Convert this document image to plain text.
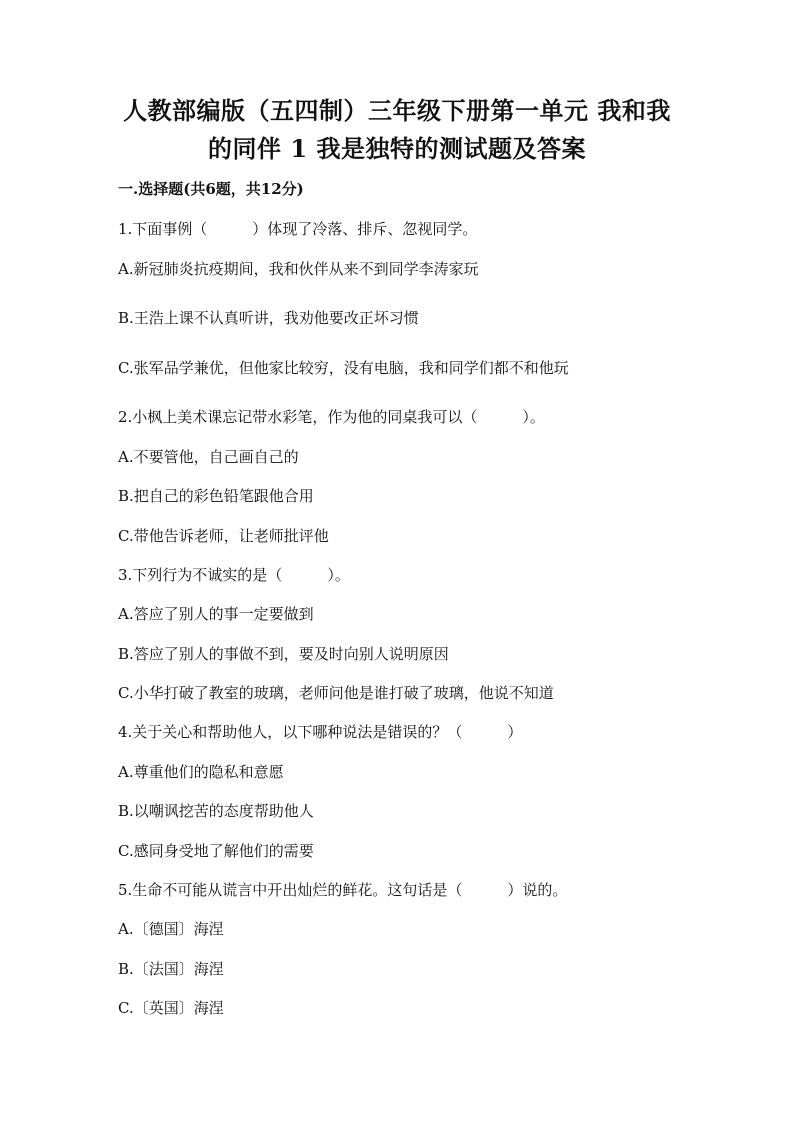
人教部编版（五四制）三年级下册第一单元 我和我
的同伴 1 我是独特的测试题及答案
一.选择题(共6题，共12分)
1.下面事例（　　　）体现了冷落、排斥、忽视同学。
A.新冠肺炎抗疫期间，我和伙伴从来不到同学李涛家玩
B.王浩上课不认真听讲，我劝他要改正坏习惯
C.张军品学兼优，但他家比较穷，没有电脑，我和同学们都不和他玩
2.小枫上美术课忘记带水彩笔，作为他的同桌我可以（　　　）。
A.不要管他，自己画自己的
B.把自己的彩色铅笔跟他合用
C.带他告诉老师，让老师批评他
3.下列行为不诚实的是（　　　）。
A.答应了别人的事一定要做到
B.答应了别人的事做不到，要及时向别人说明原因
C.小华打破了教室的玻璃，老师问他是谁打破了玻璃，他说不知道
4.关于关心和帮助他人，以下哪种说法是错误的？（　　　）
A.尊重他们的隐私和意愿
B.以嘲讽挖苦的态度帮助他人
C.感同身受地了解他们的需要
5.生命不可能从谎言中开出灿烂的鲜花。这句话是（　　　）说的。
A.〔德国〕海涅
B.〔法国〕海涅
C.〔英国〕海涅
